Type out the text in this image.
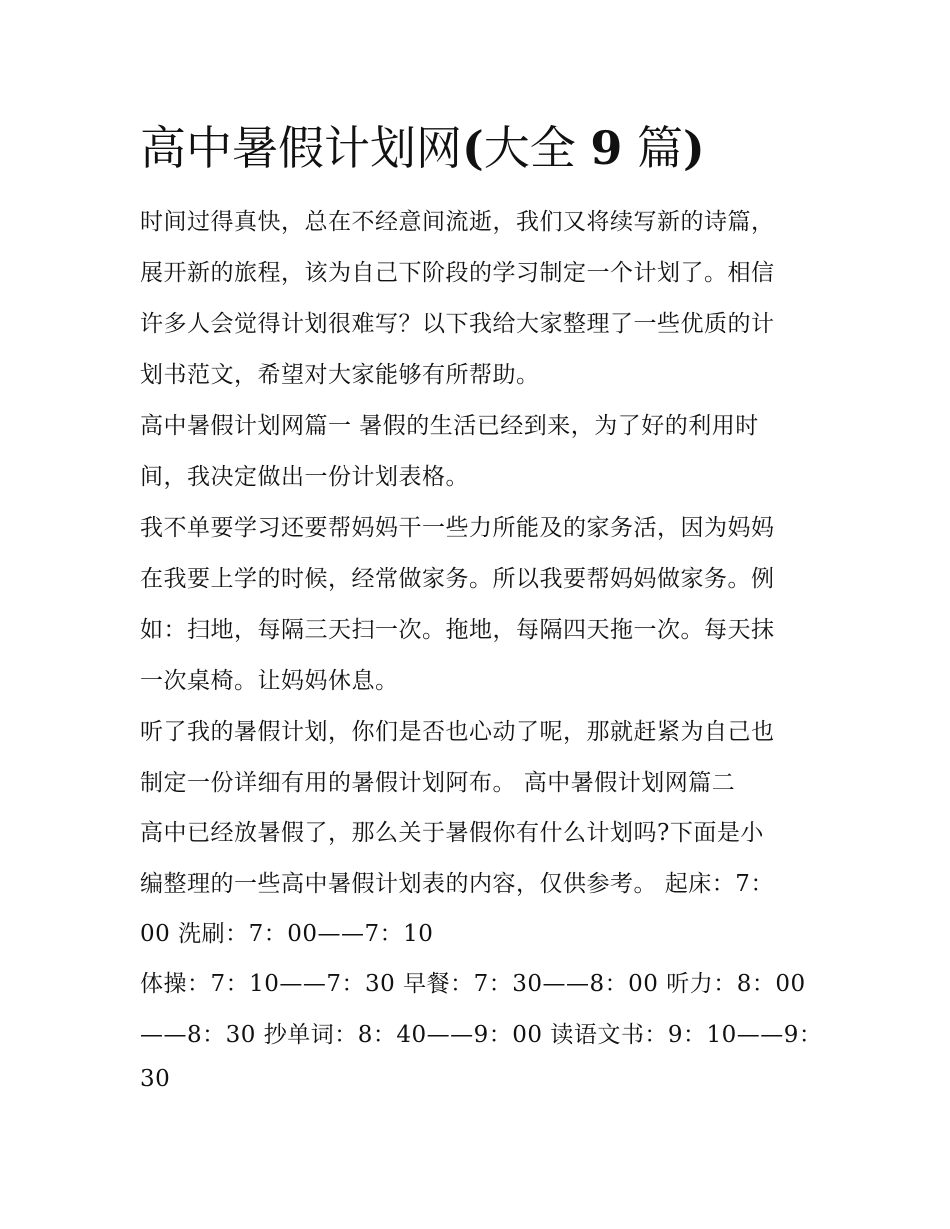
高中暑假计划网(大全 9 篇)

时间过得真快，总在不经意间流逝，我们又将续写新的诗篇，

展开新的旅程，该为自己下阶段的学习制定一个计划了。相信

许多人会觉得计划很难写？以下我给大家整理了一些优质的计

划书范文，希望对大家能够有所帮助。

高中暑假计划网篇一 暑假的生活已经到来，为了好的利用时

间，我决定做出一份计划表格。

我不单要学习还要帮妈妈干一些力所能及的家务活，因为妈妈

在我要上学的时候，经常做家务。所以我要帮妈妈做家务。例

如：扫地，每隔三天扫一次。拖地，每隔四天拖一次。每天抹

一次桌椅。让妈妈休息。

听了我的暑假计划，你们是否也心动了呢，那就赶紧为自己也

制定一份详细有用的暑假计划阿布。 高中暑假计划网篇二

高中已经放暑假了，那么关于暑假你有什么计划吗?下面是小

编整理的一些高中暑假计划表的内容，仅供参考。 起床：7：

00 洗刷：7：00——7：10

体操：7：10——7：30 早餐：7：30——8：00 听力：8：00

——8：30 抄单词：8：40——9：00 读语文书：9：10——9：

30
